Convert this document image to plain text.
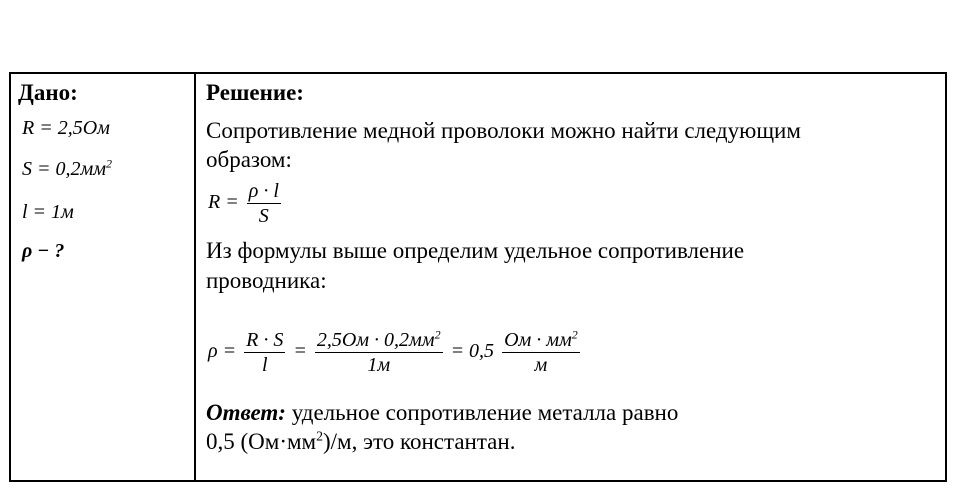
Дано:
R = 2,5Ом
$S = 0,2мм^2$
l = 1м
ρ − ?
Решение:
Сопротивление медной проволоки можно найти следующим
образом:
$R = \frac{\rho \cdot l}{S}$
Из формулы выше определим удельное сопротивление
проводника:
$\rho = \frac{R \cdot S}{l} = \frac{2,5Ом \cdot 0,2мм^2}{1м} = 0,5 \frac{Ом \cdot мм^2}{м}$
Ответ: удельное сопротивление металла равно
0,5 $(Ом\cdot мм^2)/м$, это константан.
